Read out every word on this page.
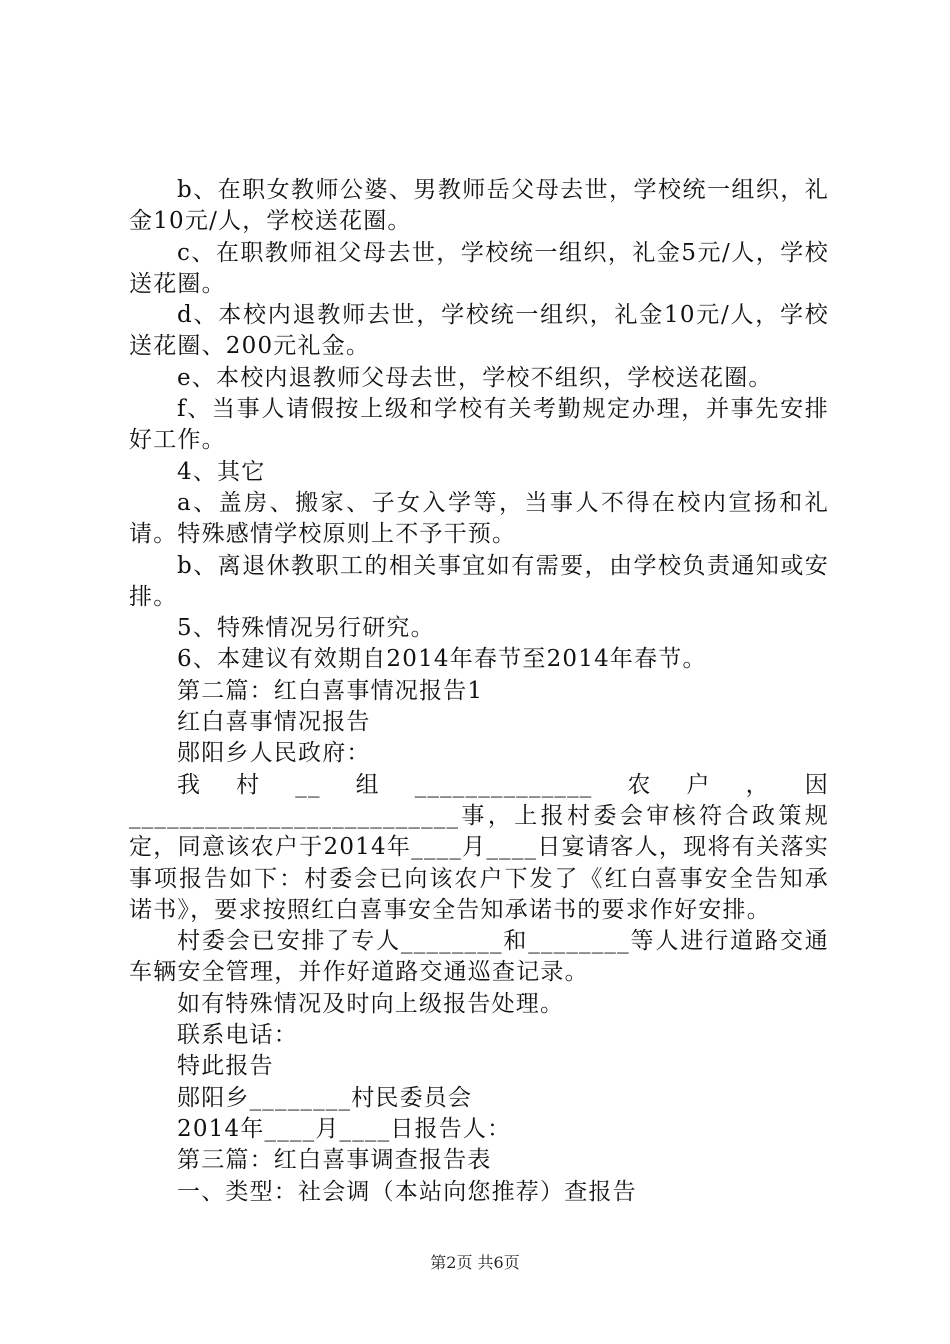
b、在职女教师公婆、男教师岳父母去世，学校统一组织，礼金10元/人，学校送花圈。

c、在职教师祖父母去世，学校统一组织，礼金5元/人，学校送花圈。

d、本校内退教师去世，学校统一组织，礼金10元/人，学校送花圈、200元礼金。

e、本校内退教师父母去世，学校不组织，学校送花圈。

f、当事人请假按上级和学校有关考勤规定办理，并事先安排好工作。

4、其它

a、盖房、搬家、子女入学等，当事人不得在校内宣扬和礼请。特殊感情学校原则上不予干预。

b、离退休教职工的相关事宜如有需要，由学校负责通知或安排。

5、特殊情况另行研究。

6、本建议有效期自2014年春节至2014年春节。

第二篇：红白喜事情况报告1

红白喜事情况报告

郧阳乡人民政府：

我村__组______________农户，因__________________________事，上报村委会审核符合政策规定，同意该农户于2014年____月____日宴请客人，现将有关落实事项报告如下：村委会已向该农户下发了《红白喜事安全告知承诺书》，要求按照红白喜事安全告知承诺书的要求作好安排。

村委会已安排了专人________和________等人进行道路交通车辆安全管理，并作好道路交通巡查记录。

如有特殊情况及时向上级报告处理。

联系电话：

特此报告

郧阳乡________村民委员会

2014年____月____日报告人：

第三篇：红白喜事调查报告表

一、类型：社会调（本站向您推荐）查报告

第2页 共6页
